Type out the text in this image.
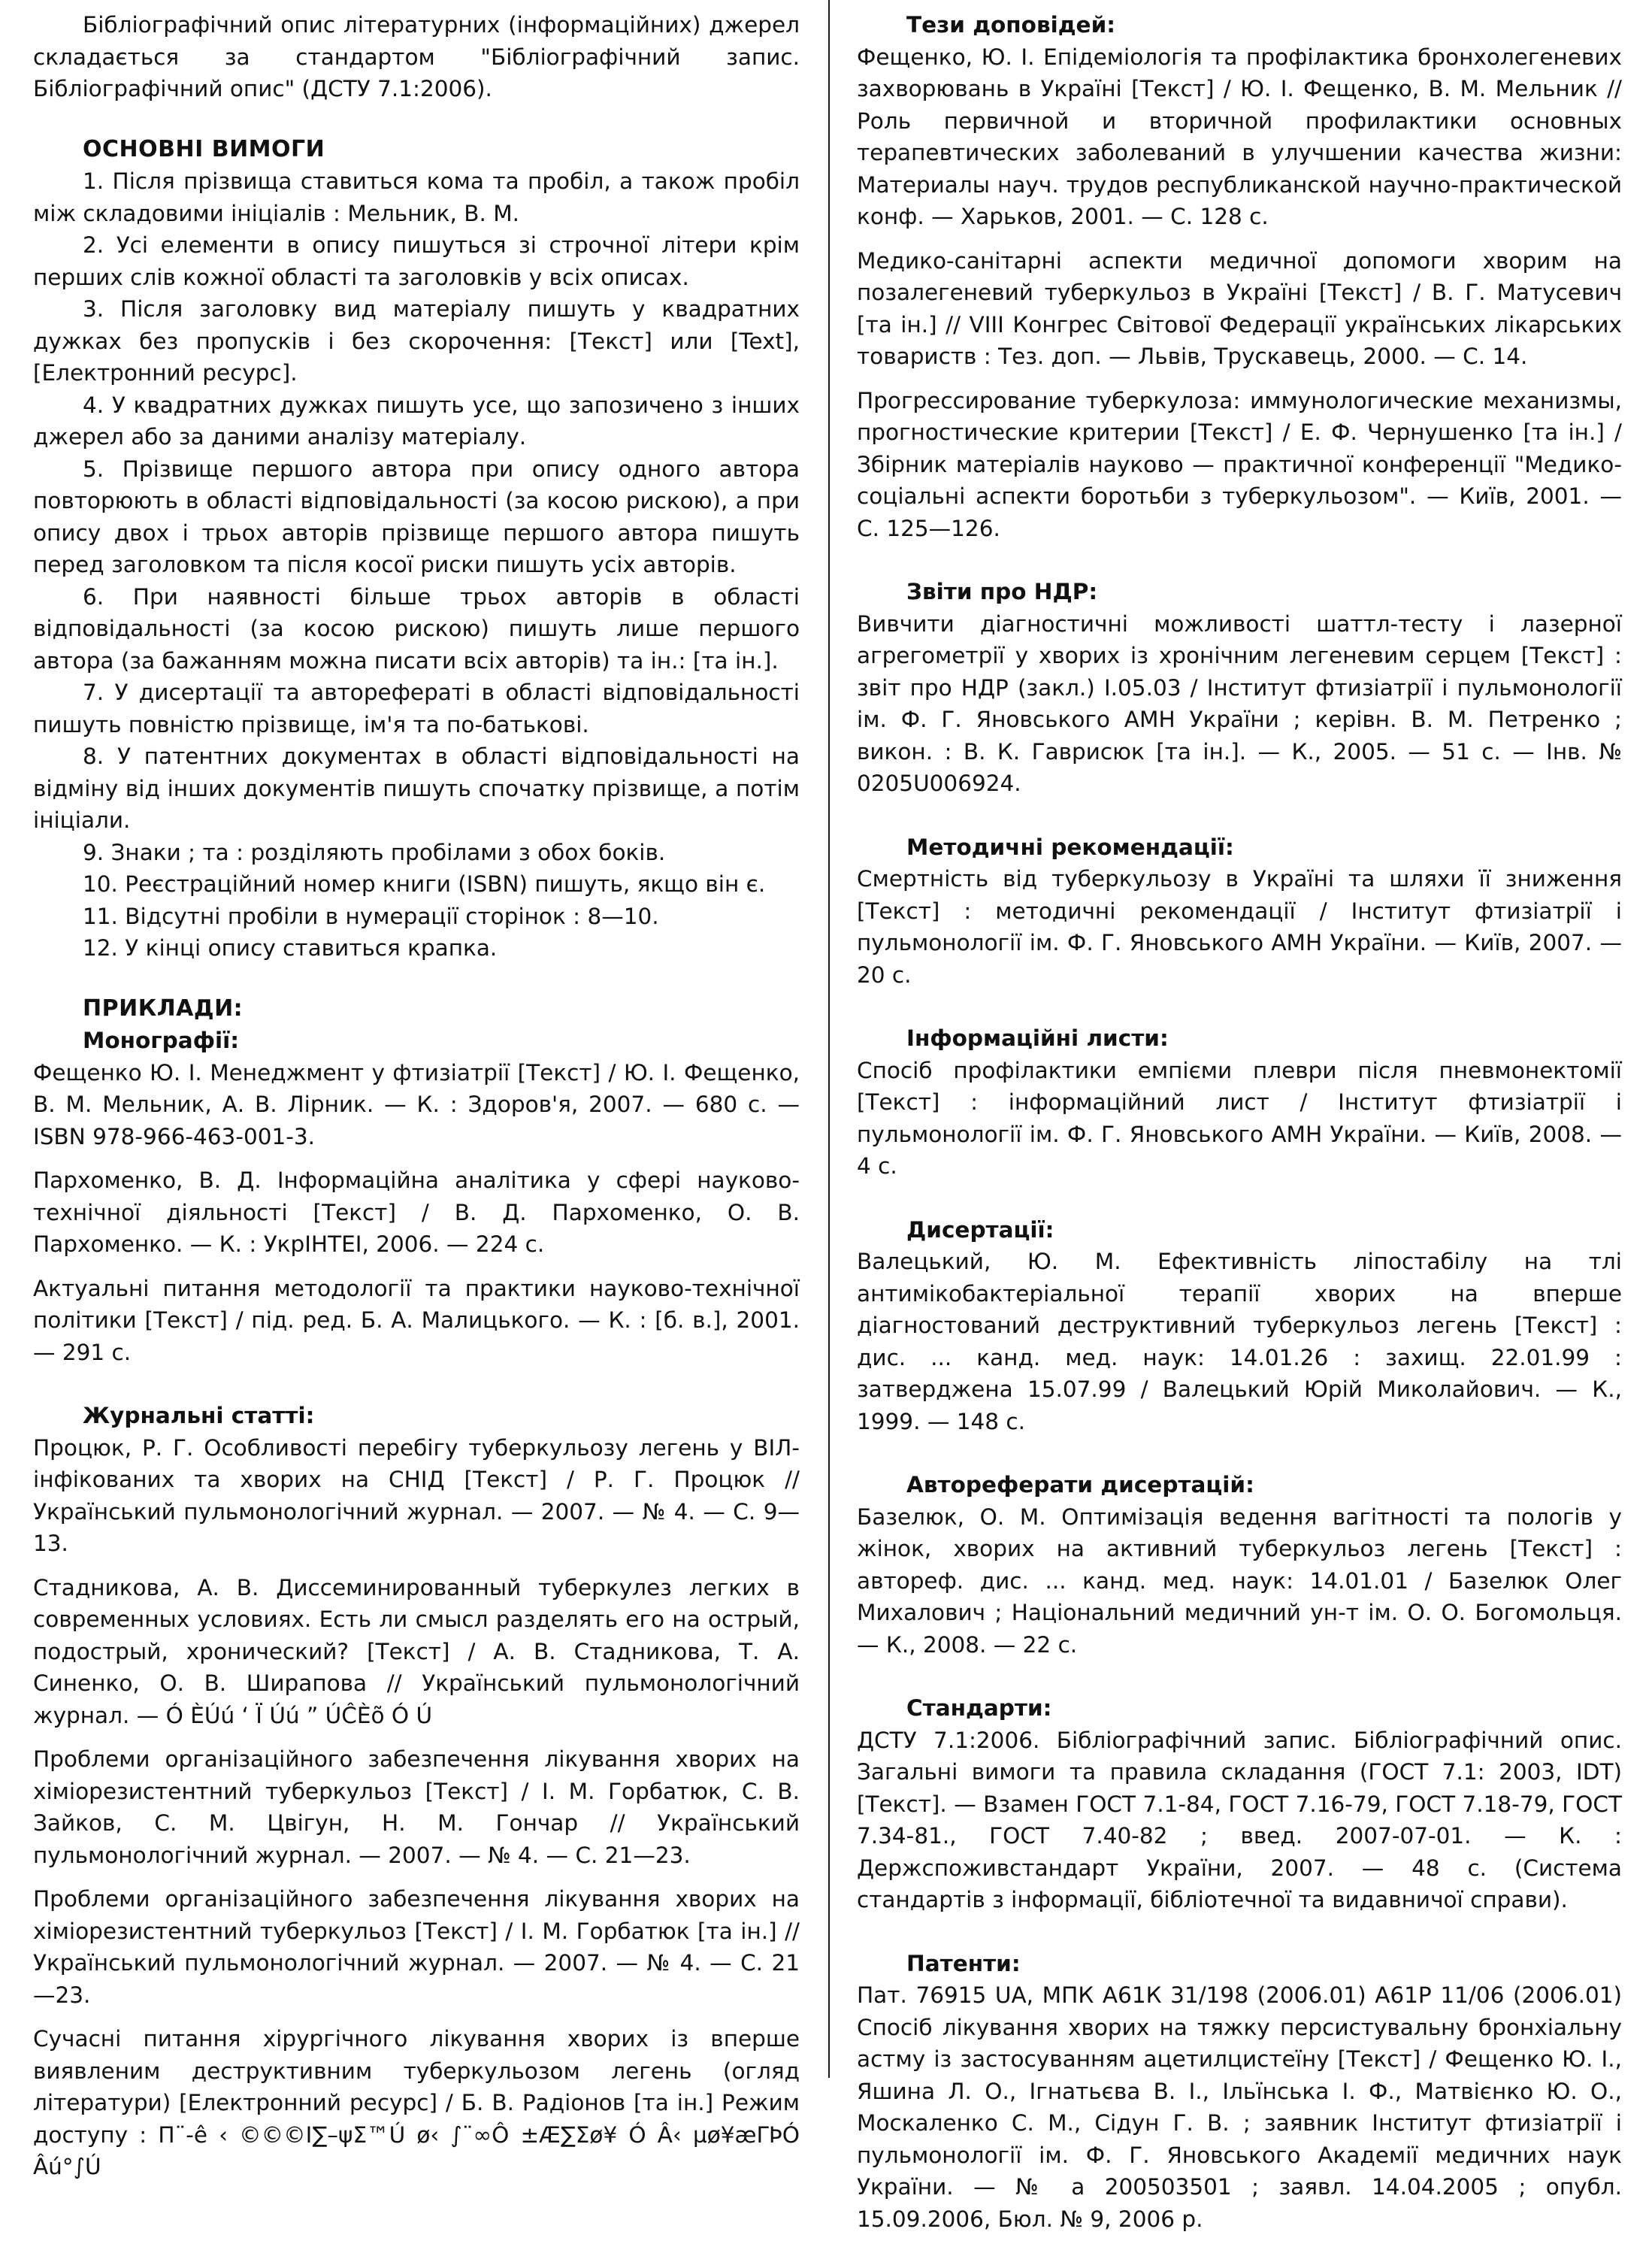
Бібліографічний опис літературних (інформаційних) джерел складається за стандартом "Бібліографічний запис. Бібліографічний опис" (ДСТУ 7.1:2006).

ОСНОВНІ ВИМОГИ

1. Після прізвища ставиться кома та пробіл, а також пробіл між складовими ініціалів : Мельник, В. М.

2. Усі елементи в опису пишуться зі строчної літери крім перших слів кожної області та заголовків у всіх описах.

3. Після заголовку вид матеріалу пишуть у квадратних дужках без пропусків і без скорочення: [Текст] или [Text], [Електронний ресурс].

4. У квадратних дужках пишуть усе, що запозичено з інших джерел або за даними аналізу матеріалу.

5. Прізвище першого автора при опису одного автора повторюють в області відповідальності (за косою рискою), а при опису двох і трьох авторів прізвище першого автора пишуть перед заголовком та після косої риски пишуть усіх авторів.

6. При наявності більше трьох авторів в області відповідальності (за косою рискою) пишуть лише першого автора (за бажанням можна писати всіх авторів) та ін.: [та ін.].

7. У дисертації та авторефераті в області відповідальності пишуть повністю прізвище, ім'я та по-батькові.

8. У патентних документах в області відповідальності на відміну від інших документів пишуть спочатку прізвище, а потім ініціали.

9. Знаки ; та : розділяють пробілами з обох боків.

10. Реєстраційний номер книги (ISBN) пишуть, якщо він є.

11. Відсутні пробіли в нумерації сторінок : 8—10.

12. У кінці опису ставиться крапка.

ПРИКЛАДИ:

Монографії:

Фещенко Ю. І. Менеджмент у фтизіатрії [Текст] / Ю. І. Фещенко, В. М. Мельник, А. В. Лірник. — К. : Здоров'я, 2007. — 680 с. — ISBN 978-966-463-001-3.

Пархоменко, В. Д. Інформаційна аналітика у сфері науково-технічної діяльності [Текст] / В. Д. Пархоменко, О. В. Пархоменко. — К. : УкрІНТЕІ, 2006. — 224 с.

Актуальні питання методології та практики науково-технічної політики [Текст] / під. ред. Б. А. Малицького. — К. : [б. в.], 2001. — 291 с.

Журнальні статті:

Процюк, Р. Г. Особливості перебігу туберкульозу легень у ВІЛ-інфікованих та хворих на СНІД [Текст] / Р. Г. Процюк // Український пульмонологічний журнал. — 2007. — № 4. — С. 9—13.

Стадникова, А. В. Диссеминированный туберкулез легких в современных условиях. Есть ли смысл разделять его на острый, подострый, хронический? [Текст] / А. В. Стадникова, Т. А. Синенко, О. В. Ширапова // Український пульмонологічний журнал. — Ó ÈÚú ‘ Ï Úú ” ÚĈÈõ Ó Ú

Проблеми організаційного забезпечення лікування хворих на хіміорезистентний туберкульоз [Текст] / І. М. Горбатюк, С. В. Зайков, С. М. Цвігун, Н. М. Гончар // Український пульмонологічний журнал. — 2007. — № 4. — С. 21—23.

Проблеми організаційного забезпечення лікування хворих на хіміорезистентний туберкульоз [Текст] / І. М. Горбатюк [та ін.] // Український пульмонологічний журнал. — 2007. — № 4. — С. 21—23.

Сучасні питання хірургічного лікування хворих із вперше виявленим деструктивним туберкульозом легень (огляд літератури) [Електронний ресурс] / Б. В. Радіонов [та ін.] Режим доступу : П¨‑ê ‹ ©©©Ι∑–ψΣ™Ú ø‹ ∫¨∞Ô ±Æ∑Σø¥ Ó Â‹ µø¥æΓÞÓ Âú°∫Ú

Тези доповідей:

Фещенко, Ю. І. Епідеміологія та профілактика бронхолегеневих захворювань в Україні [Текст] / Ю. І. Фещенко, В. М. Мельник // Роль первичной и вторичной профилактики основных терапевтических заболеваний в улучшении качества жизни: Материалы науч. трудов республиканской научно-практической конф. — Харьков, 2001. — С. 128 с.

Медико-санітарні аспекти медичної допомоги хворим на позалегеневий туберкульоз в Україні [Текст] / В. Г. Матусевич [та ін.] // VIII Конгрес Світової Федерації українських лікарських товариств : Тез. доп. — Львів, Трускавець, 2000. — С. 14.

Прогрессирование туберкулоза: иммунологические механизмы, прогностические критерии [Текст] / Е. Ф. Чернушенко [та ін.] / Збірник матеріалів науково — практичної конференції "Медико-соціальні аспекти боротьби з туберкульозом". — Київ, 2001. — С. 125—126.

Звіти про НДР:

Вивчити діагностичні можливості шаттл-тесту і лазерної агрегометрії у хворих із хронічним легеневим серцем [Текст] : звіт про НДР (закл.) І.05.03 / Інститут фтизіатрії і пульмонології ім. Ф. Г. Яновського АМН України ; керівн. В. М. Петренко ; викон. : В. К. Гаврисюк [та ін.]. — К., 2005. — 51 с. — Інв. № 0205U006924.

Методичні рекомендації:

Смертність від туберкульозу в Україні та шляхи її зниження [Текст] : методичні рекомендації / Інститут фтизіатрії і пульмонології ім. Ф. Г. Яновського АМН України. — Київ, 2007. — 20 с.

Інформаційні листи:

Спосіб профілактики емпієми плеври після пневмонектомії [Текст] : інформаційний лист / Інститут фтизіатрії і пульмонології ім. Ф. Г. Яновського АМН України. — Київ, 2008. — 4 с.

Дисертації:

Валецький, Ю. М. Ефективність ліпостабілу на тлі антимікобактеріальної терапії хворих на вперше діагностований деструктивний туберкульоз легень [Текст] : дис. ... канд. мед. наук: 14.01.26 : захищ. 22.01.99 : затверджена 15.07.99 / Валецький Юрій Миколайович. — К., 1999. — 148 с.

Автореферати дисертацій:

Базелюк, О. М. Оптимізація ведення вагітності та пологів у жінок, хворих на активний туберкульоз легень [Текст] : автореф. дис. ... канд. мед. наук: 14.01.01 / Базелюк Олег Михалович ; Національний медичний ун-т ім. О. О. Богомольця. — К., 2008. — 22 с.

Стандарти:

ДСТУ 7.1:2006. Бібліографічний запис. Бібліографічний опис. Загальні вимоги та правила складання (ГОСТ 7.1: 2003, IDT) [Текст]. — Взамен ГОСТ 7.1-84, ГОСТ 7.16-79, ГОСТ 7.18-79, ГОСТ 7.34-81., ГОСТ 7.40-82 ; введ. 2007-07-01. — К. : Держспоживстандарт України, 2007. — 48 с. (Система стандартів з інформації, бібліотечної та видавничої справи).

Патенти:

Пат. 76915 UA, МПК А61К 31/198 (2006.01) А61Р 11/06 (2006.01) Спосіб лікування хворих на тяжку персистувальну бронхіальну астму із застосуванням ацетилцистеїну [Текст] / Фещенко Ю. І., Яшина Л. О., Ігнатьєва В. І., Ільїнська І. Ф., Матвієнко Ю. О., Москаленко С. М., Сідун Г. В. ; заявник Інститут фтизіатрії і пульмонології ім. Ф. Г. Яновського Академії медичних наук України. — № а 200503501 ; заявл. 14.04.2005 ; опубл. 15.09.2006, Бюл. № 9, 2006 р.
